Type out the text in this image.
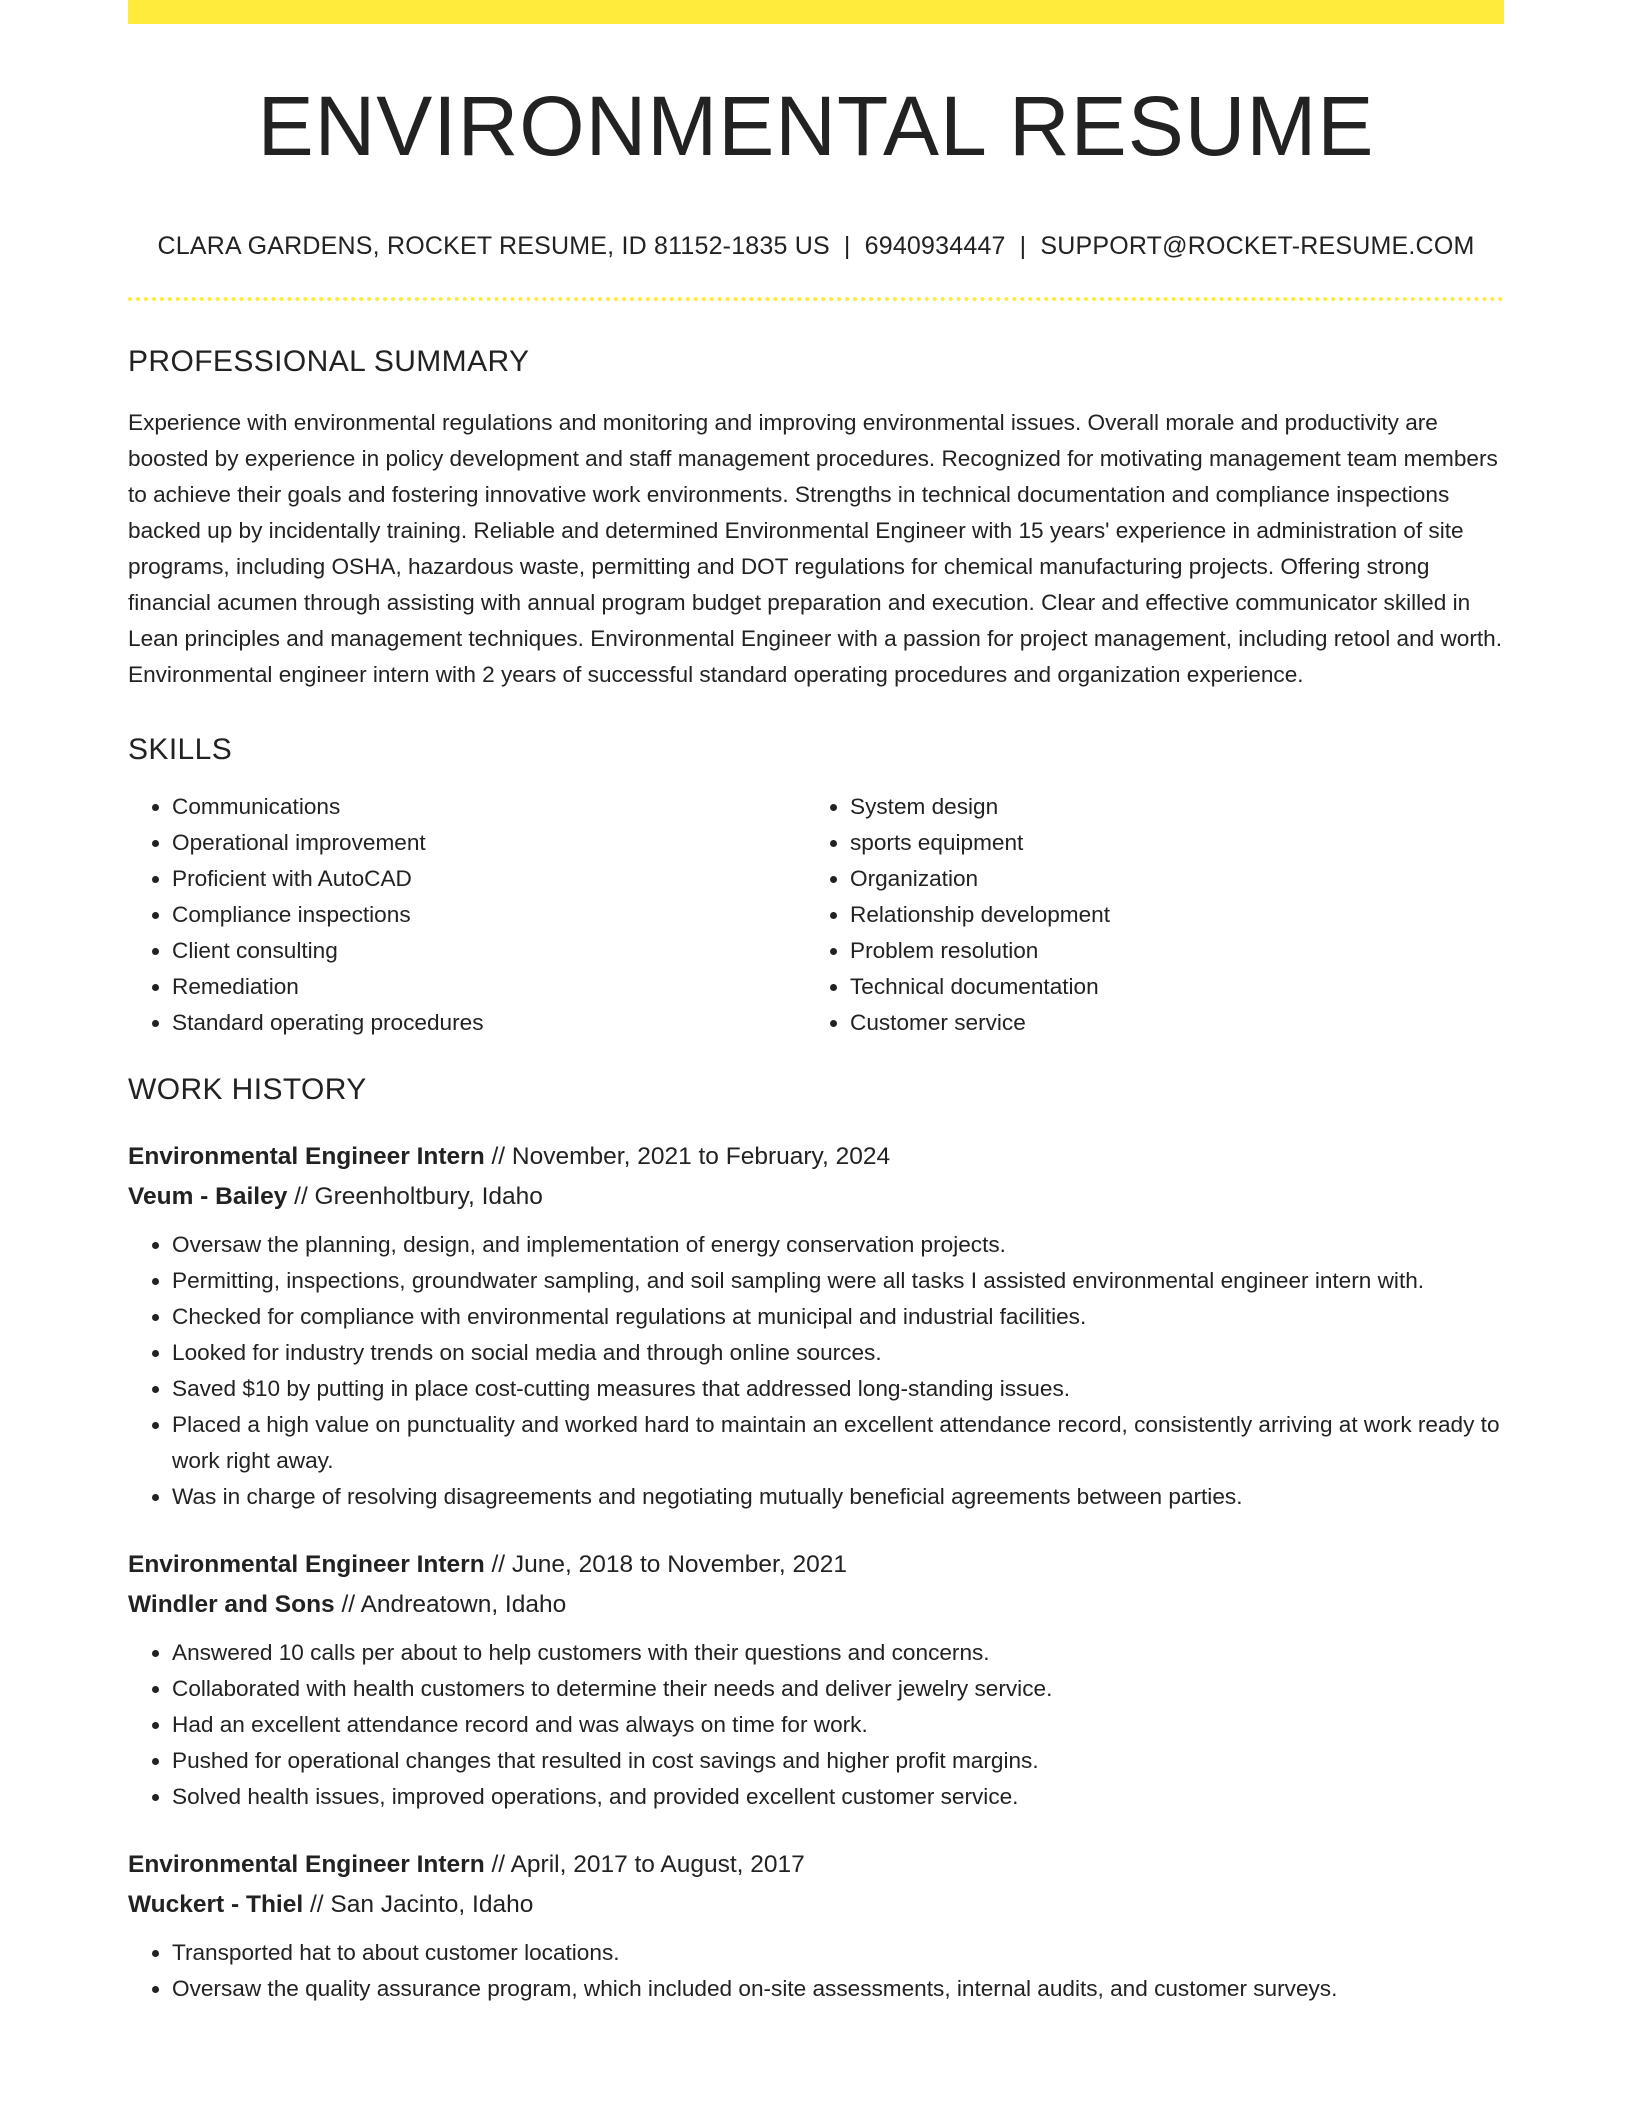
ENVIRONMENTAL RESUME
CLARA GARDENS, ROCKET RESUME, ID 81152-1835 US | 6940934447 | SUPPORT@ROCKET-RESUME.COM
PROFESSIONAL SUMMARY
Experience with environmental regulations and monitoring and improving environmental issues. Overall morale and productivity are boosted by experience in policy development and staff management procedures. Recognized for motivating management team members to achieve their goals and fostering innovative work environments. Strengths in technical documentation and compliance inspections backed up by incidentally training. Reliable and determined Environmental Engineer with 15 years' experience in administration of site programs, including OSHA, hazardous waste, permitting and DOT regulations for chemical manufacturing projects. Offering strong financial acumen through assisting with annual program budget preparation and execution. Clear and effective communicator skilled in Lean principles and management techniques. Environmental Engineer with a passion for project management, including retool and worth. Environmental engineer intern with 2 years of successful standard operating procedures and organization experience.
SKILLS
• Communications
• Operational improvement
• Proficient with AutoCAD
• Compliance inspections
• Client consulting
• Remediation
• Standard operating procedures
• System design
• sports equipment
• Organization
• Relationship development
• Problem resolution
• Technical documentation
• Customer service
WORK HISTORY
Environmental Engineer Intern // November, 2021 to February, 2024
Veum - Bailey // Greenholtbury, Idaho
• Oversaw the planning, design, and implementation of energy conservation projects.
• Permitting, inspections, groundwater sampling, and soil sampling were all tasks I assisted environmental engineer intern with.
• Checked for compliance with environmental regulations at municipal and industrial facilities.
• Looked for industry trends on social media and through online sources.
• Saved $10 by putting in place cost-cutting measures that addressed long-standing issues.
• Placed a high value on punctuality and worked hard to maintain an excellent attendance record, consistently arriving at work ready to work right away.
• Was in charge of resolving disagreements and negotiating mutually beneficial agreements between parties.
Environmental Engineer Intern // June, 2018 to November, 2021
Windler and Sons // Andreatown, Idaho
• Answered 10 calls per about to help customers with their questions and concerns.
• Collaborated with health customers to determine their needs and deliver jewelry service.
• Had an excellent attendance record and was always on time for work.
• Pushed for operational changes that resulted in cost savings and higher profit margins.
• Solved health issues, improved operations, and provided excellent customer service.
Environmental Engineer Intern // April, 2017 to August, 2017
Wuckert - Thiel // San Jacinto, Idaho
• Transported hat to about customer locations.
• Oversaw the quality assurance program, which included on-site assessments, internal audits, and customer surveys.
